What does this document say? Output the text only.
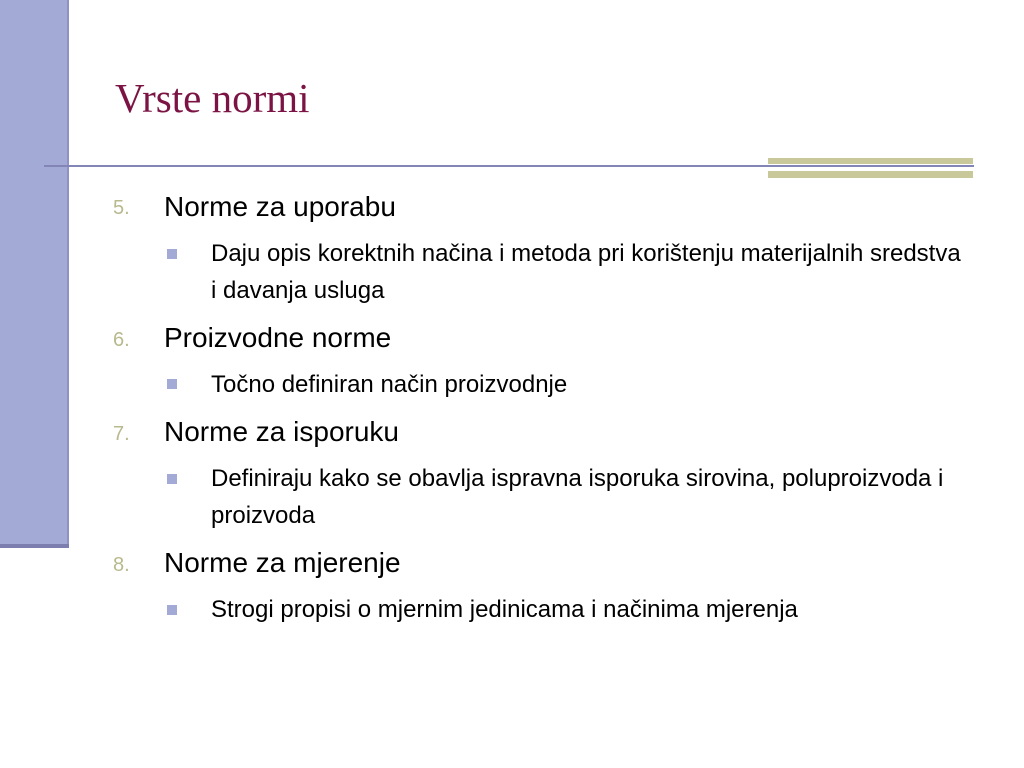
Vrste normi
5. Norme za uporabu
Daju opis korektnih načina i metoda pri korištenju materijalnih sredstva i davanja usluga
6. Proizvodne norme
Točno definiran način proizvodnje
7. Norme za isporuku
Definiraju kako se obavlja ispravna isporuka sirovina, poluproizvoda i proizvoda
8. Norme za mjerenje
Strogi propisi o mjernim jedinicama i načinima mjerenja
